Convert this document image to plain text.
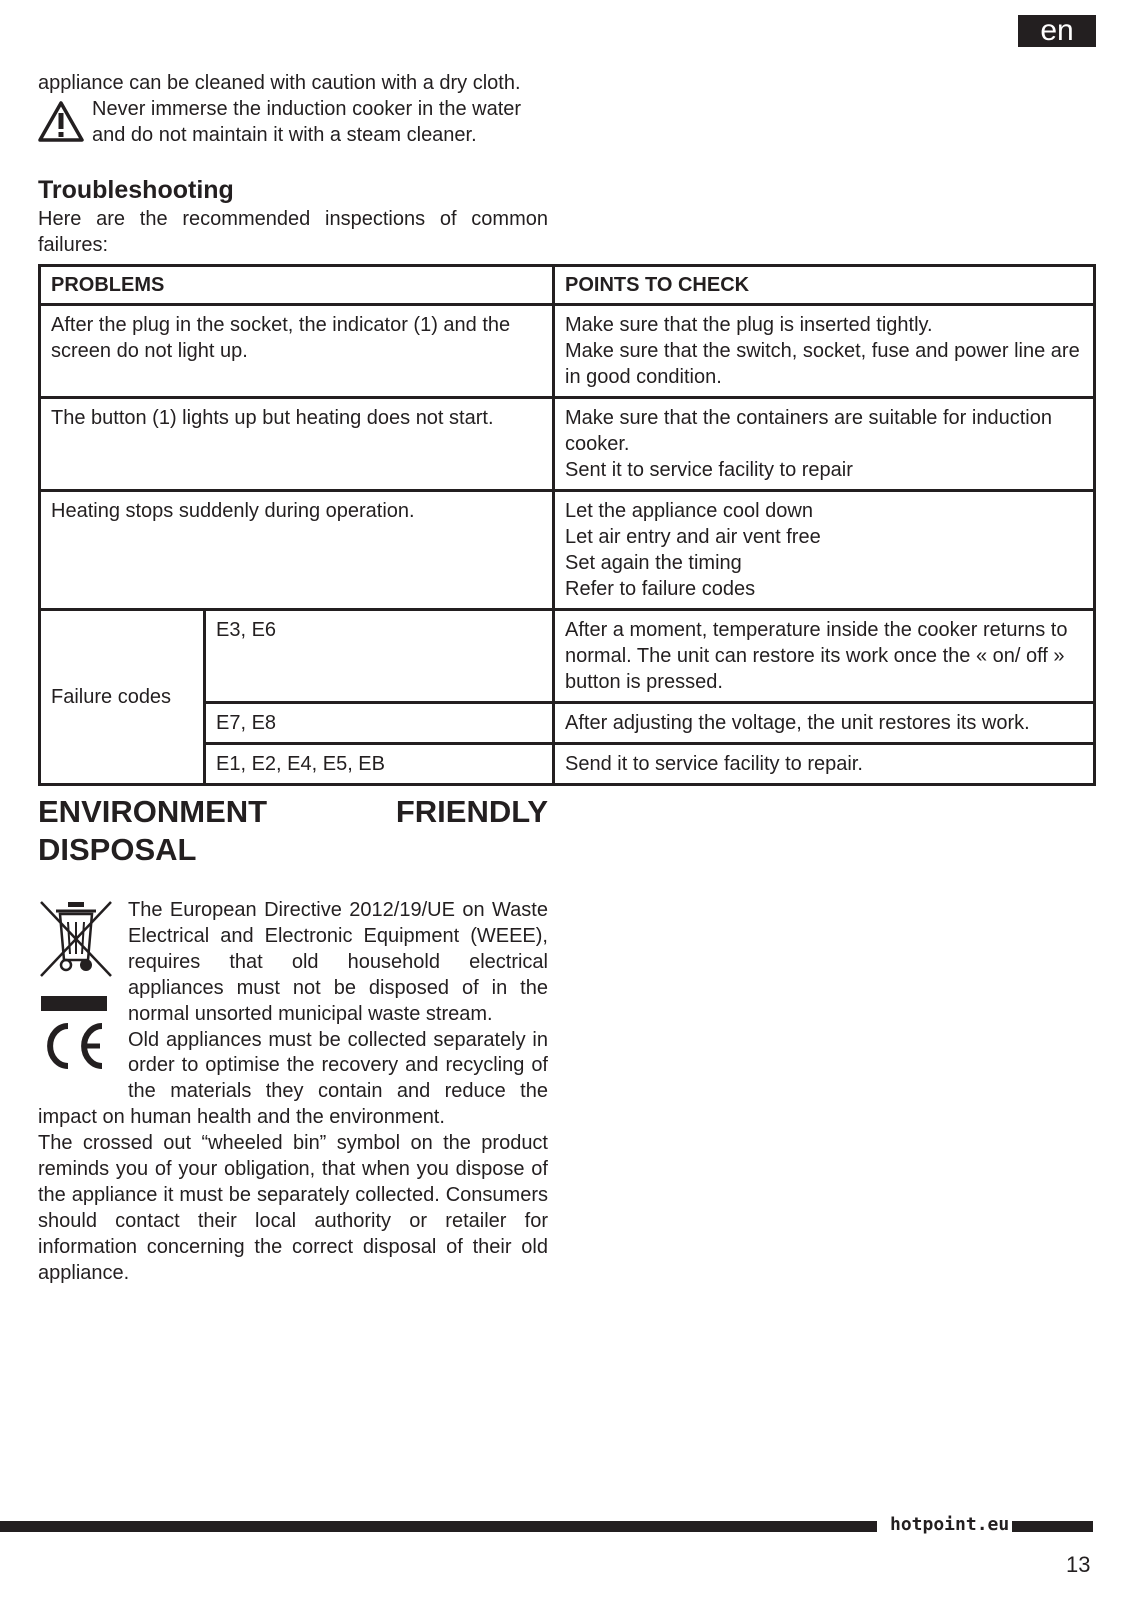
en
appliance can be cleaned with caution with a dry cloth.
Never immerse the induction cooker in the water
and do not maintain it with a steam cleaner.
Troubleshooting
Here are the recommended inspections of common failures:
PROBLEMS		POINTS TO CHECK
After the plug in the socket, the indicator (1) and the screen do not light up.		Make sure that the plug is inserted tightly.
Make sure that the switch, socket, fuse and power line are in good condition.

The button (1) lights up but heating does not start.		Make sure that the containers are suitable for induction cooker.
Sent it to service facility to repair

Heating stops suddenly during operation.		Let the appliance cool down
Let air entry and air vent free
Set again the timing
Refer to failure codes

Failure codes	E3, E6	After a moment, temperature inside the cooker returns to normal. The unit can restore its work once the « on/ off » button is pressed.
	E7, E8	After adjusting the voltage, the unit restores its work.
	E1, E2, E4, E5, EB	Send it to service facility to repair.
ENVIRONMENT	FRIENDLY
DISPOSAL
The European Directive 2012/19/UE on Waste Electrical and Electronic Equipment (WEEE), requires that old household electrical appliances must not be disposed of in the normal unsorted municipal waste stream.
Old appliances must be collected separately in order to optimise the recovery and recycling of the materials they contain and reduce the impact on human health and the environment.
The crossed out “wheeled bin” symbol on the product reminds you of your obligation, that when you dispose of the appliance it must be separately collected. Consumers should contact their local authority or retailer for information concerning the correct disposal of their old appliance.
hotpoint.eu
13
